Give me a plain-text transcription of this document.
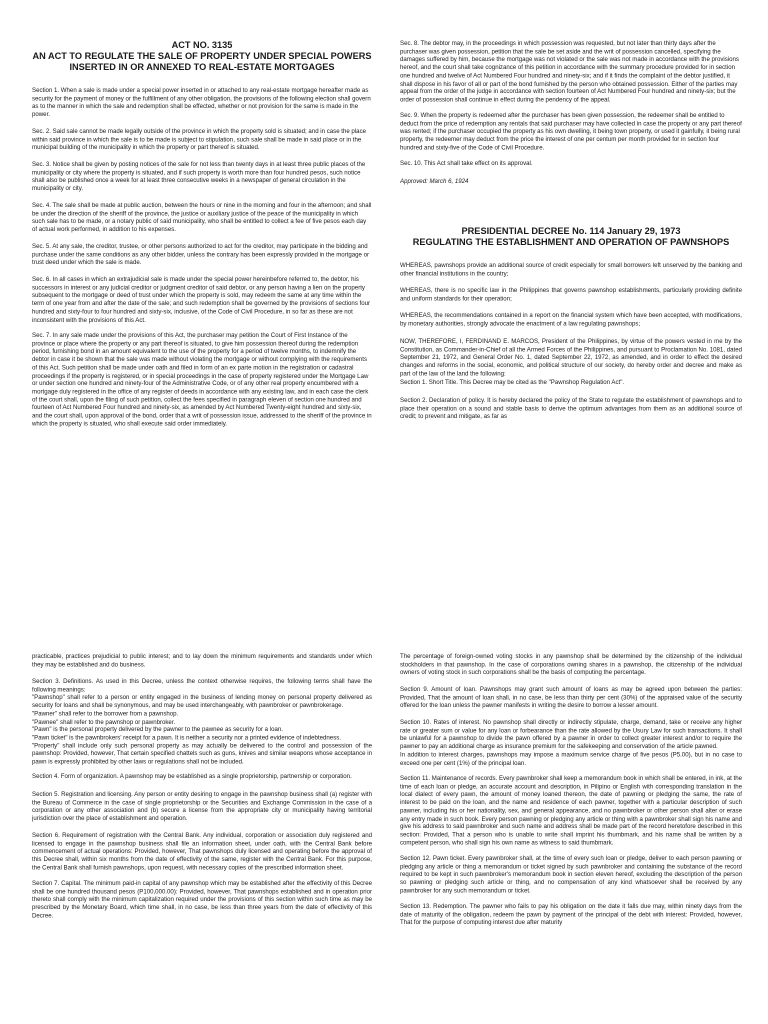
ACT NO. 3135
AN ACT TO REGULATE THE SALE OF PROPERTY UNDER SPECIAL POWERS INSERTED IN OR ANNEXED TO REAL-ESTATE MORTGAGES

Section 1. When a sale is made under a special power inserted in or attached to any real-estate mortgage hereafter made as security for the payment of money or the fulfillment of any other obligation, the provisions of the following election shall govern as to the manner in which the sale and redemption shall be effected, whether or not provision for the same is made in the power.

Sec. 2. Said sale cannot be made legally outside of the province in which the property sold is situated; and in case the place within said province in which the sale is to be made is subject to stipulation, such sale shall be made in said place or in the municipal building of the municipality in which the property or part thereof is situated.

Sec. 3. Notice shall be given by posting notices of the sale for not less than twenty days in at least three public places of the municipality or city where the property is situated, and if such property is worth more than four hundred pesos, such notice shall also be published once a week for at least three consecutive weeks in a newspaper of general circulation in the municipality or city.

Sec. 4. The sale shall be made at public auction, between the hours or nine in the morning and four in the afternoon; and shall be under the direction of the sheriff of the province, the justice or auxiliary justice of the peace of the municipality in which such sale has to be made, or a notary public of said municipality, who shall be entitled to collect a fee of five pesos each day of actual work performed, in addition to his expenses.

Sec. 5. At any sale, the creditor, trustee, or other persons authorized to act for the creditor, may participate in the bidding and purchase under the same conditions as any other bidder, unless the contrary has been expressly provided in the mortgage or trust deed under which the sale is made.

Sec. 6. In all cases in which an extrajudicial sale is made under the special power hereinbefore referred to, the debtor, his successors in interest or any judicial creditor or judgment creditor of said debtor, or any person having a lien on the property subsequent to the mortgage or deed of trust under which the property is sold, may redeem the same at any time within the term of one year from and after the date of the sale; and such redemption shall be governed by the provisions of sections four hundred and sixty-four to four hundred and sixty-six, inclusive, of the Code of Civil Procedure, in so far as these are not inconsistent with the provisions of this Act.

Sec. 7. In any sale made under the provisions of this Act, the purchaser may petition the Court of First Instance of the province or place where the property or any part thereof is situated, to give him possession thereof during the redemption period, furnishing bond in an amount equivalent to the use of the property for a period of twelve months, to indemnify the debtor in case it be shown that the sale was made without violating the mortgage or without complying with the requirements of this Act. Such petition shall be made under oath and filed in form of an ex parte motion in the registration or cadastral proceedings if the property is registered, or in special proceedings in the case of property registered under the Mortgage Law or under section one hundred and ninety-four of the Administrative Code, or of any other real property encumbered with a mortgage duly registered in the office of any register of deeds in accordance with any existing law, and in each case the clerk of the court shall, upon the filing of such petition, collect the fees specified in paragraph eleven of section one hundred and fourteen of Act Numbered Four hundred and ninety-six, as amended by Act Numbered Twenty-eight hundred and sixty-six, and the court shall, upon approval of the bond, order that a writ of possession issue, addressed to the sheriff of the province in which the property is situated, who shall execute said order immediately.

Sec. 8. The debtor may, in the proceedings in which possession was requested, but not later than thirty days after the purchaser was given possession, petition that the sale be set aside and the writ of possession cancelled, specifying the damages suffered by him, because the mortgage was not violated or the sale was not made in accordance with the provisions hereof, and the court shall take cognizance of this petition in accordance with the summary procedure provided for in section one hundred and twelve of Act Numbered Four hundred and ninety-six; and if it finds the complaint of the debtor justified, it shall dispose in his favor of all or part of the bond furnished by the person who obtained possession. Either of the parties may appeal from the order of the judge in accordance with section fourteen of Act Numbered Four hundred and ninety-six; but the order of possession shall continue in effect during the pendency of the appeal.

Sec. 9. When the property is redeemed after the purchaser has been given possession, the redeemer shall be entitled to deduct from the price of redemption any rentals that said purchaser may have collected in case the property or any part thereof was rented; if the purchaser occupied the property as his own dwelling, it being town property, or used it gainfully, it being rural property, the redeemer may deduct from the price the interest of one per centum per month provided for in section four hundred and sixty-five of the Code of Civil Procedure.

Sec. 10. This Act shall take effect on its approval.

Approved: March 6, 1924

PRESIDENTIAL DECREE No. 114 January 29, 1973
REGULATING THE ESTABLISHMENT AND OPERATION OF PAWNSHOPS

WHEREAS, pawnshops provide an additional source of credit especially for small borrowers left unserved by the banking and other financial institutions in the country;

WHEREAS, there is no specific law in the Philippines that governs pawnshop establishments, particularly providing definite and uniform standards for their operation;

WHEREAS, the recommendations contained in a report on the financial system which have been accepted, with modifications, by monetary authorities, strongly advocate the enactment of a law regulating pawnshops;

NOW, THEREFORE, I, FERDINAND E. MARCOS, President of the Philippines, by virtue of the powers vested in me by the Constitution, as Commander-in-Chief of all the Armed Forces of the Philippines, and pursuant to Proclamation No. 1081, dated September 21, 1972, and General Order No. 1, dated September 22, 1972, as amended, and in order to effect the desired changes and reforms in the social, economic, and political structure of our society, do hereby order and decree and make as part of the law of the land the following:

Section 1. Short Title. This Decree may be cited as the "Pawnshop Regulation Act".

Section 2. Declaration of policy. It is hereby declared the policy of the State to regulate the establishment of pawnshops and to place their operation on a sound and stable basis to derive the optimum advantages from them as an additional source of credit; to prevent and mitigate, as far as

practicable, practices prejudicial to public interest; and to lay down the minimum requirements and standards under which they may be established and do business.

Section 3. Definitions. As used in this Decree, unless the context otherwise requires, the following terms shall have the following meanings:
"Pawnshop" shall refer to a person or entity engaged in the business of lending money on personal property delivered as security for loans and shall be synonymous, and may be used interchangeably, with pawnbroker or pawnbrokerage.
"Pawner" shall refer to the borrower from a pawnshop.
"Pawnee" shall refer to the pawnshop or pawnbroker.
"Pawn" is the personal property delivered by the pawner to the pawnee as security for a loan.
"Pawn ticket" is the pawnbrokers' receipt for a pawn. It is neither a security nor a printed evidence of indebtedness.
"Property" shall include only such personal property as may actually be delivered to the control and possession of the pawnshop: Provided, however, That certain specified chattels such as guns, knives and similar weapons whose acceptance in pawn is expressly prohibited by other laws or regulations shall not be included.

Section 4. Form of organization. A pawnshop may be established as a single proprietorship, partnership or corporation.

Section 5. Registration and licensing. Any person or entity desiring to engage in the pawnshop business shall (a) register with the Bureau of Commerce in the case of single proprietorship or the Securities and Exchange Commission in the case of a corporation or any other association and (b) secure a license from the appropriate city or municipality having territorial jurisdiction over the place of establishment and operation.

Section 6. Requirement of registration with the Central Bank. Any individual, corporation or association duly registered and licensed to engage in the pawnshop business shall file an information sheet, under oath, with the Central Bank before commencement of actual operations: Provided, however, That pawnshops duly licensed and operating before the approval of this Decree shall, within six months from the date of effectivity of the same, register with the Central Bank. For this purpose, the Central Bank shall furnish pawnshops, upon request, with necessary copies of the prescribed information sheet.

Section 7. Capital. The minimum paid-in capital of any pawnshop which may be established after the effectivity of this Decree shall be one hundred thousand pesos (P100,000.00): Provided, however, That pawnshops established and in operation prior thereto shall comply with the minimum capitalization required under the provisions of this section within such time as may be prescribed by the Monetary Board, which time shall, in no case, be less than three years from the date of effectivity of this Decree.

The percentage of foreign-owned voting stocks in any pawnshop shall be determined by the citizenship of the individual stockholders in that pawnshop. In the case of corporations owning shares in a pawnshop, the citizenship of the individual owners of voting stock in such corporations shall be the basis of computing the percentage.

Section 9. Amount of loan. Pawnshops may grant such amount of loans as may be agreed upon between the parties: Provided, That the amount of loan shall, in no case, be less than thirty per cent (30%) of the appraised value of the security offered for the loan unless the pawner manifests in writing the desire to borrow a lesser amount.

Section 10. Rates of interest. No pawnshop shall directly or indirectly stipulate, charge, demand, take or receive any higher rate or greater sum or value for any loan or forbearance than the rate allowed by the Usury Law for such transactions. It shall be unlawful for a pawnshop to divide the pawn offered by a pawner in order to collect greater interest and/or to require the pawner to pay an additional charge as insurance premium for the safekeeping and conservation of the article pawned.
In addition to interest charges, pawnshops may impose a maximum service charge of five pesos (P5.00), but in no case to exceed one per cent (1%) of the principal loan.

Section 11. Maintenance of records. Every pawnbroker shall keep a memorandum book in which shall be entered, in ink, at the time of each loan or pledge, an accurate account and description, in Pilipino or English with corresponding translation in the local dialect of every pawn, the amount of money loaned thereon, the date of pawning or pledging the same, the rate of interest to be paid on the loan, and the name and residence of each pawner, together with a particular description of such pawner, including his or her nationality, sex, and general appearance, and no pawnbroker or other person shall alter or erase any entry made in such book. Every person pawning or pledging any article or thing with a pawnbroker shall sign his name and give his address to said pawnbroker and such name and address shall be made part of the record heretofore described in this section: Provided, That a person who is unable to write shall imprint his thumbmark, and his name shall be written by a competent person, who shall sign his own name as witness to said thumbmark.

Section 12. Pawn ticket. Every pawnbroker shall, at the time of every such loan or pledge, deliver to each person pawning or pledging any article or thing a memorandum or ticket signed by such pawnbroker and containing the substance of the record required to be kept in such pawnbroker's memorandum book in section eleven hereof, excluding the description of the person so pawning or pledging such article or thing, and no compensation of any kind whatsoever shall be received by any pawnbroker for any such memorandum or ticket.

Section 13. Redemption. The pawner who fails to pay his obligation on the date it falls due may, within ninety days from the date of maturity of the obligation, redeem the pawn by payment of the principal of the debt with interest: Provided, however, That for the purpose of computing interest due after maturity
